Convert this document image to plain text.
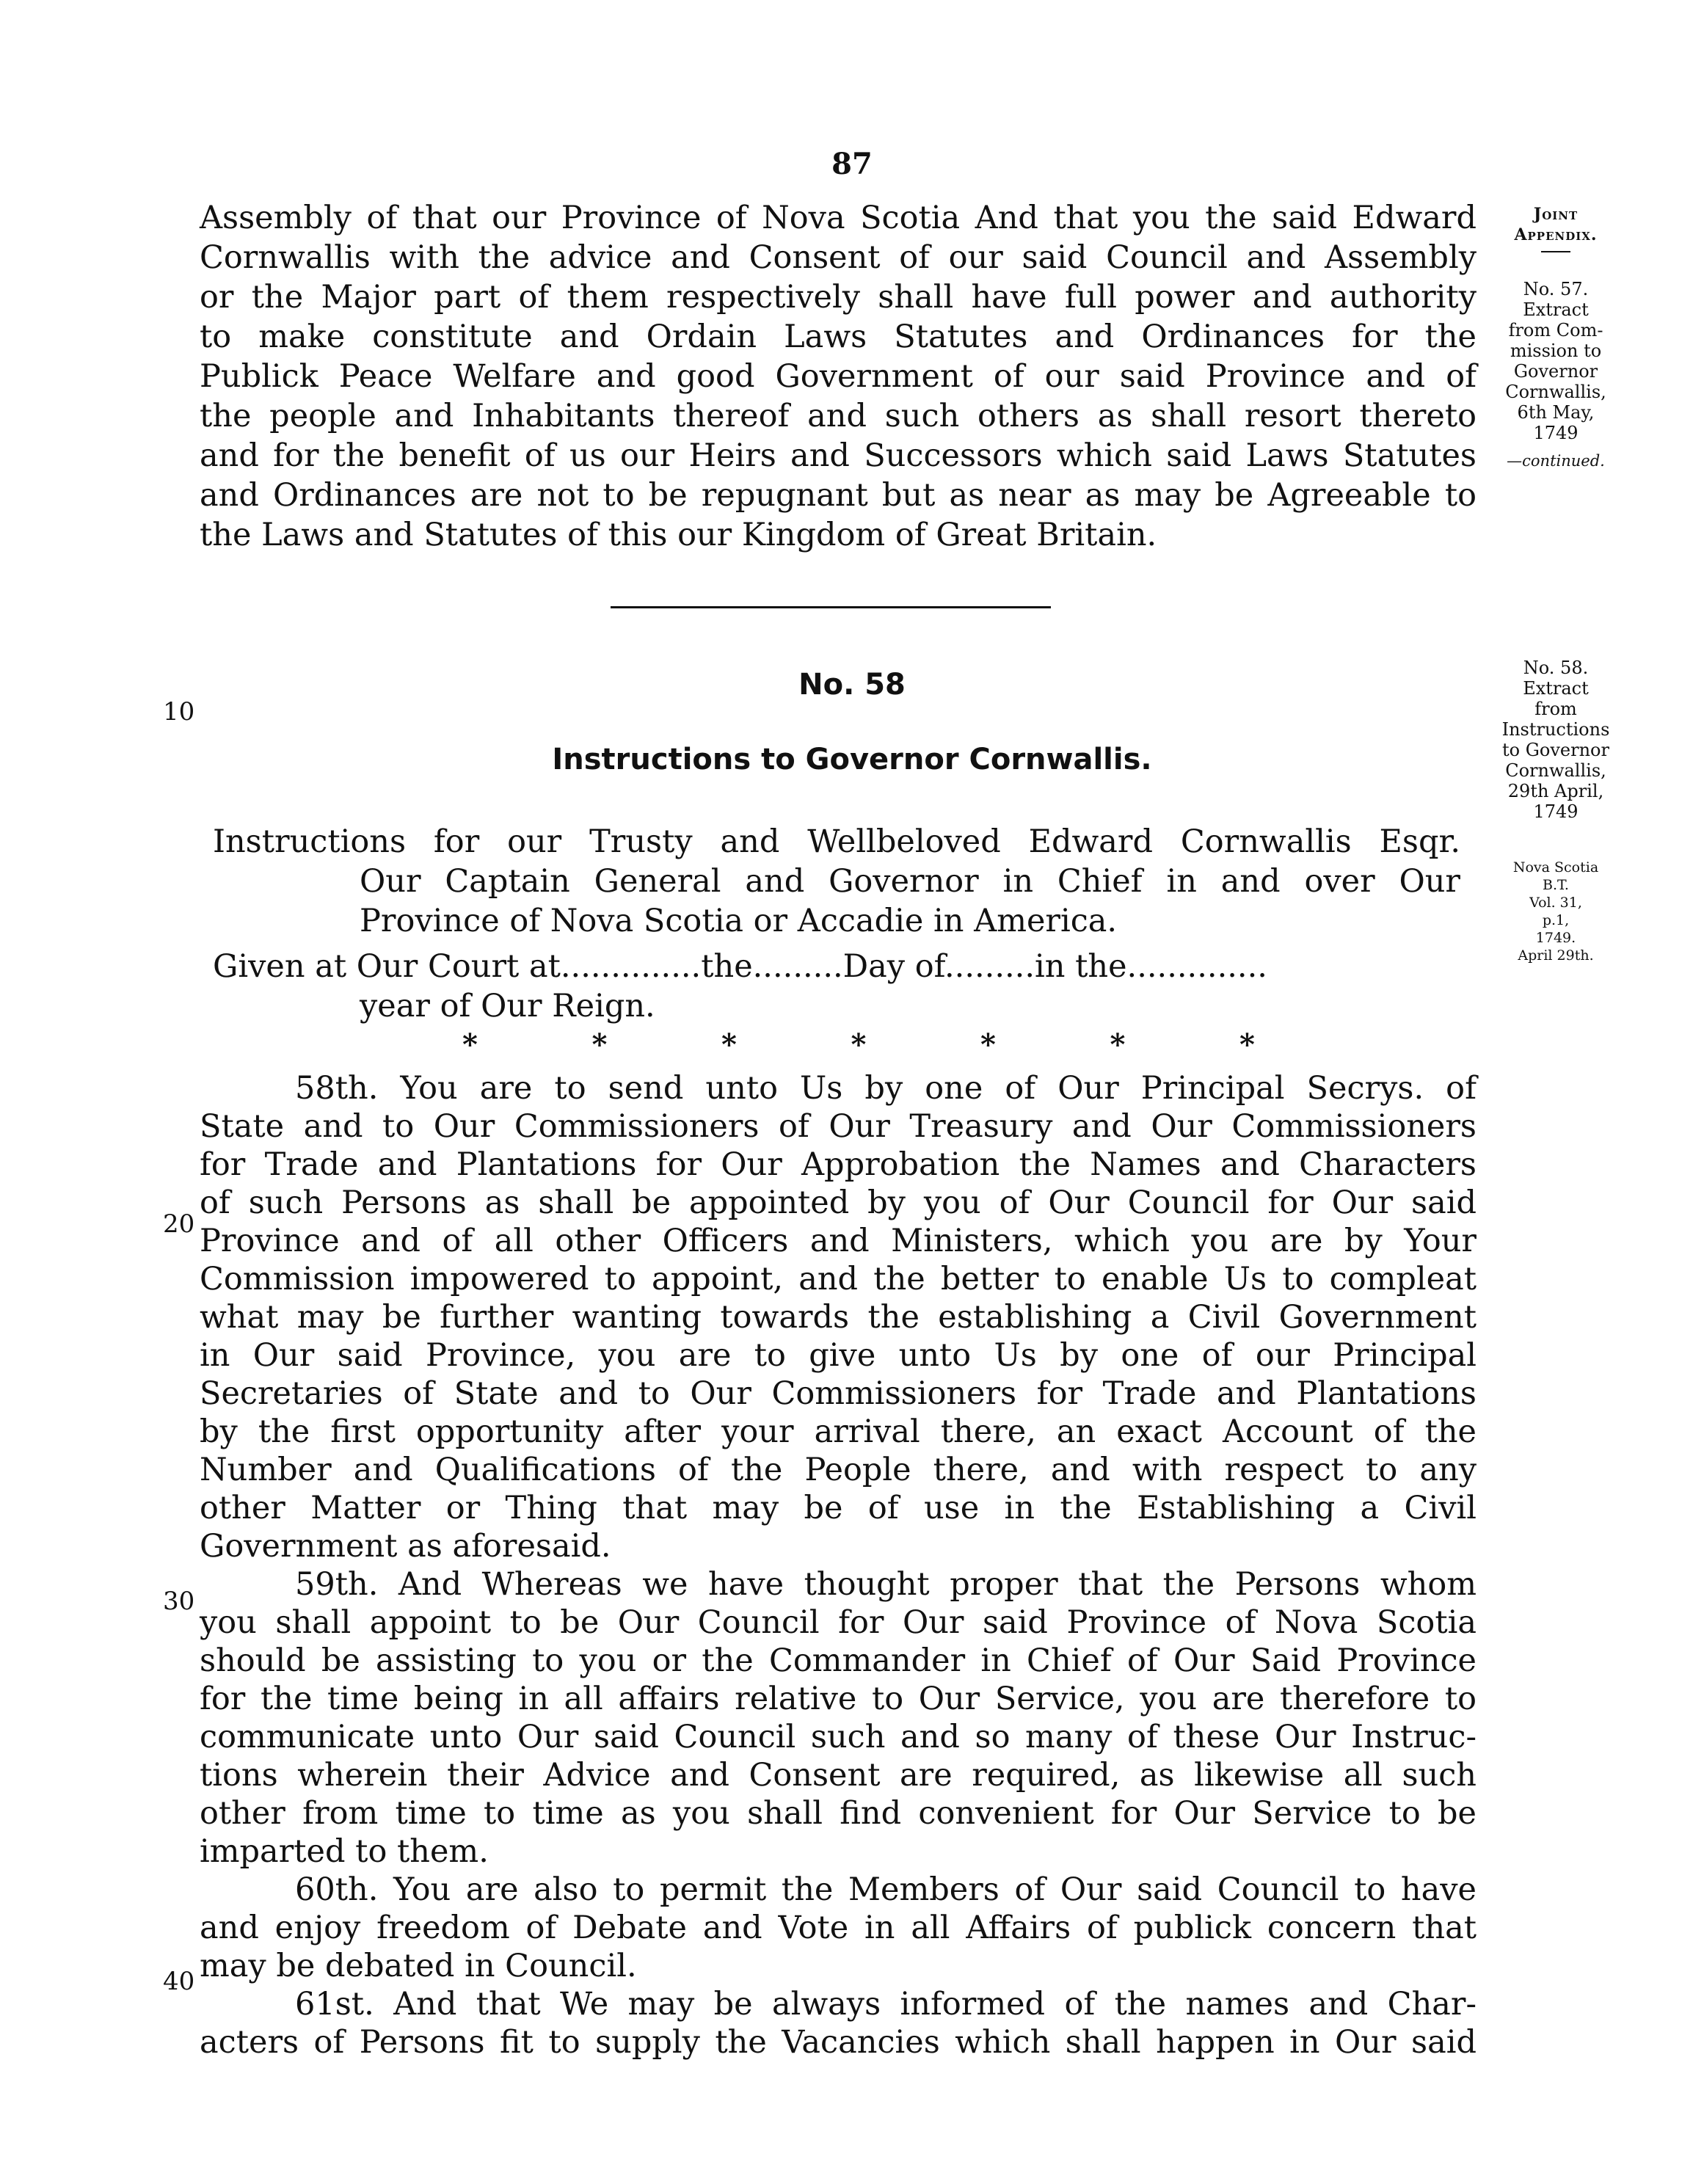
87
Assembly of that our Province of Nova Scotia And that you the said Edward
Cornwallis with the advice and Consent of our said Council and Assembly
or the Major part of them respectively shall have full power and authority
to make constitute and Ordain Laws Statutes and Ordinances for the
Publick Peace Welfare and good Government of our said Province and of
the people and Inhabitants thereof and such others as shall resort thereto
and for the benefit of us our Heirs and Successors which said Laws Statutes
and Ordinances are not to be repugnant but as near as may be Agreeable to
the Laws and Statutes of this our Kingdom of Great Britain.
No. 58
Instructions to Governor Cornwallis.
Instructions for our Trusty and Wellbeloved Edward Cornwallis Esqr.
Our Captain General and Governor in Chief in and over Our
Province of Nova Scotia or Accadie in America.
Given at Our Court at..............the.........Day of.........in the..............
year of Our Reign.
*	*	*	*	*	*	*
58th. You are to send unto Us by one of Our Principal Secrys. of
State and to Our Commissioners of Our Treasury and Our Commissioners
for Trade and Plantations for Our Approbation the Names and Characters
of such Persons as shall be appointed by you of Our Council for Our said
Province and of all other Officers and Ministers, which you are by Your
Commission impowered to appoint, and the better to enable Us to compleat
what may be further wanting towards the establishing a Civil Government
in Our said Province, you are to give unto Us by one of our Principal
Secretaries of State and to Our Commissioners for Trade and Plantations
by the first opportunity after your arrival there, an exact Account of the
Number and Qualifications of the People there, and with respect to any
other Matter or Thing that may be of use in the Establishing a Civil
Government as aforesaid.
59th. And Whereas we have thought proper that the Persons whom
you shall appoint to be Our Council for Our said Province of Nova Scotia
should be assisting to you or the Commander in Chief of Our Said Province
for the time being in all affairs relative to Our Service, you are therefore to
communicate unto Our said Council such and so many of these Our Instruc-
tions wherein their Advice and Consent are required, as likewise all such
other from time to time as you shall find convenient for Our Service to be
imparted to them.
60th. You are also to permit the Members of Our said Council to have
and enjoy freedom of Debate and Vote in all Affairs of publick concern that
may be debated in Council.
61st. And that We may be always informed of the names and Char-
acters of Persons fit to supply the Vacancies which shall happen in Our said
10
20
30
40
Joint
Appendix.
No. 57.
Extract
from Com-
mission to
Governor
Cornwallis,
6th May,
1749
—continued.
No. 58.
Extract
from
Instructions
to Governor
Cornwallis,
29th April,
1749
Nova Scotia
B.T.
Vol. 31,
p.1,
1749.
April 29th.
